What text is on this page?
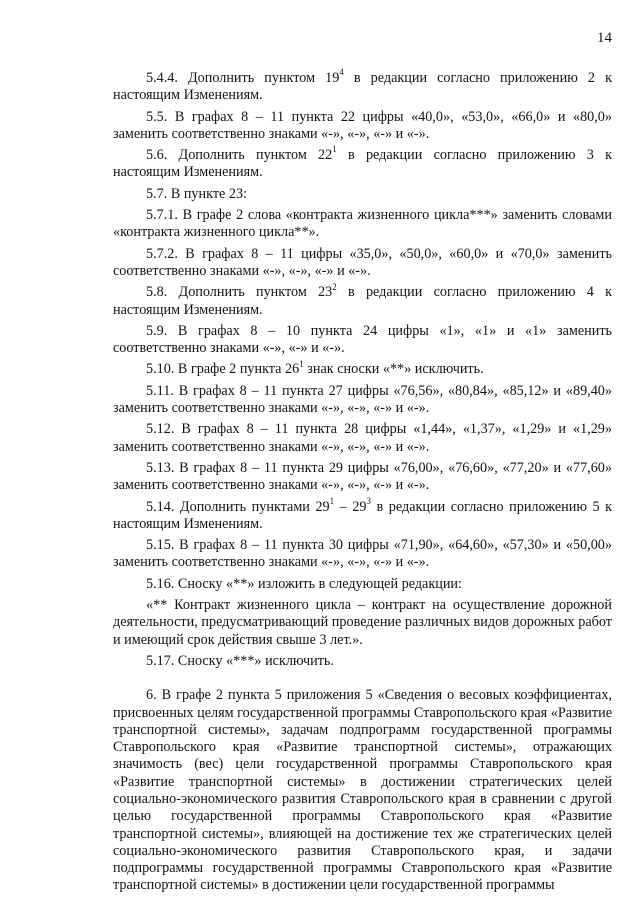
14

5.4.4. Дополнить пунктом $19^4$ в редакции согласно приложению 2 к настоящим Изменениям.

5.5. В графах 8 – 11 пункта 22 цифры «40,0», «53,0», «66,0» и «80,0» заменить соответственно знаками «-», «-», «-» и «-».

5.6. Дополнить пунктом $22^1$ в редакции согласно приложению 3 к настоящим Изменениям.

5.7. В пункте 23:

5.7.1. В графе 2 слова «контракта жизненного цикла***» заменить словами «контракта жизненного цикла**».

5.7.2. В графах 8 – 11 цифры «35,0», «50,0», «60,0» и «70,0» заменить соответственно знаками «-», «-», «-» и «-».

5.8. Дополнить пунктом $23^2$ в редакции согласно приложению 4 к настоящим Изменениям.

5.9. В графах 8 – 10 пункта 24 цифры «1», «1» и «1» заменить соответственно знаками «-», «-» и «-».

5.10. В графе 2 пункта $26^1$ знак сноски «**» исключить.

5.11. В графах 8 – 11 пункта 27 цифры «76,56», «80,84», «85,12» и «89,40» заменить соответственно знаками «-», «-», «-» и «-».

5.12. В графах 8 – 11 пункта 28 цифры «1,44», «1,37», «1,29» и «1,29» заменить соответственно знаками «-», «-», «-» и «-».

5.13. В графах 8 – 11 пункта 29 цифры «76,00», «76,60», «77,20» и «77,60» заменить соответственно знаками «-», «-», «-» и «-».

5.14. Дополнить пунктами $29^1 - 29^3$ в редакции согласно приложению 5 к настоящим Изменениям.

5.15. В графах 8 – 11 пункта 30 цифры «71,90», «64,60», «57,30» и «50,00» заменить соответственно знаками «-», «-», «-» и «-».

5.16. Сноску «**» изложить в следующей редакции:

«** Контракт жизненного цикла – контракт на осуществление дорожной деятельности, предусматривающий проведение различных видов дорожных работ и имеющий срок действия свыше 3 лет.».

5.17. Сноску «***» исключить.

6. В графе 2 пункта 5 приложения 5 «Сведения о весовых коэффициентах, присвоенных целям государственной программы Ставропольского края «Развитие транспортной системы», задачам подпрограмм государственной программы Ставропольского края «Развитие транспортной системы», отражающих значимость (вес) цели государственной программы Ставропольского края «Развитие транспортной системы» в достижении стратегических целей социально-экономического развития Ставропольского края в сравнении с другой целью государственной программы Ставропольского края «Развитие транспортной системы», влияющей на достижение тех же стратегических целей социально-экономического развития Ставропольского края, и задачи подпрограммы государственной программы Ставропольского края «Развитие транспортной системы» в достижении цели государственной программы
